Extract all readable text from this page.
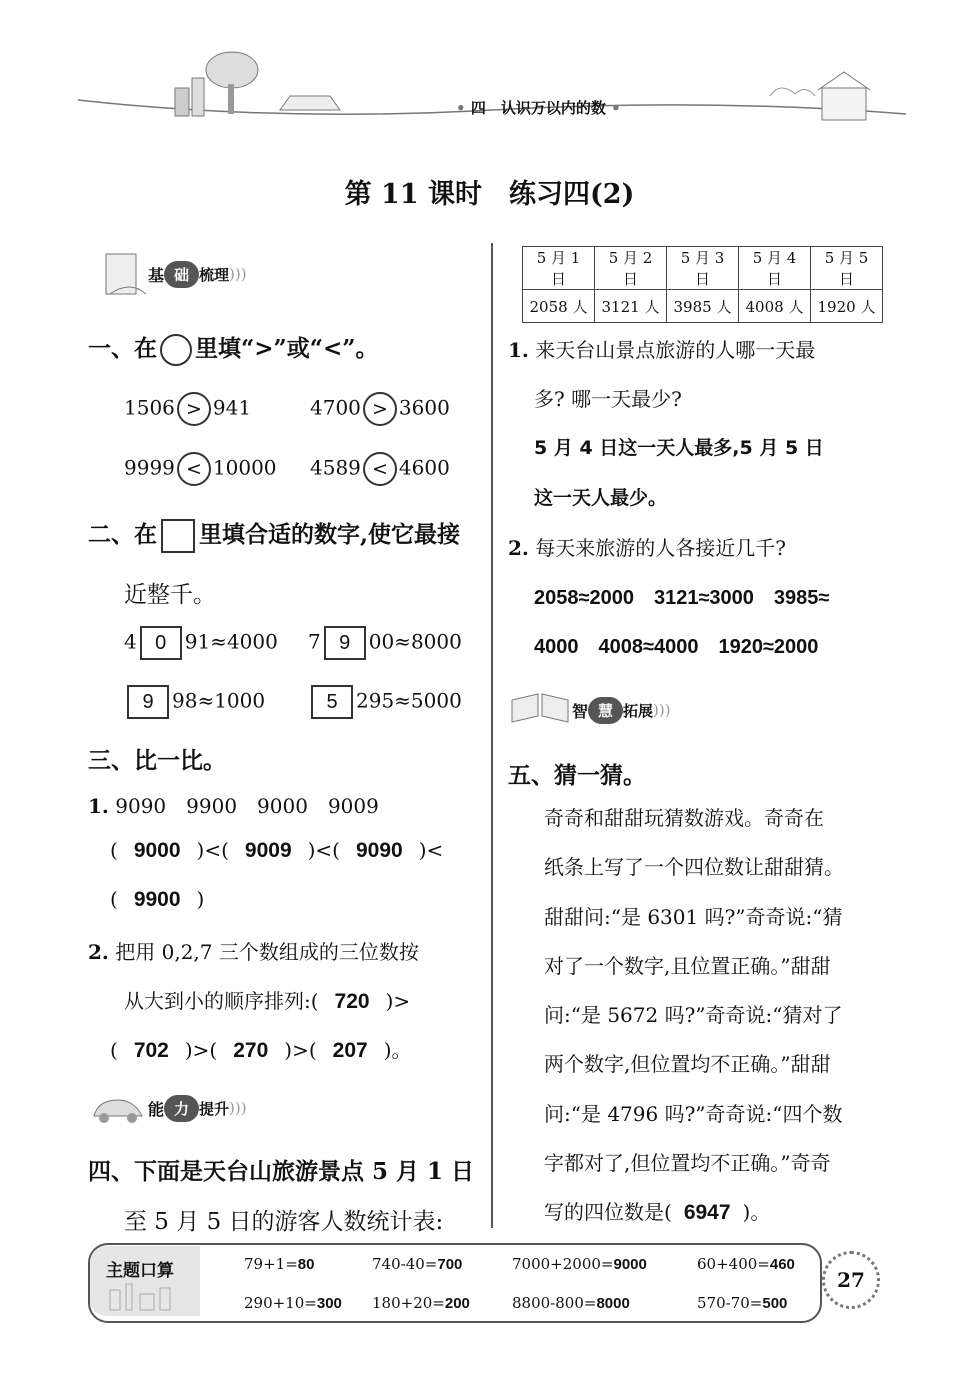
• 四　认识万以内的数 •
第 11 课时　练习四(2)
基 础 梳理 )))
一、在 里填“>”或“<”。
1506 > 941	4700 > 3600
9999 < 10000 4589 < 4600
二、在 里填合适的数字,使它最接
近整千。
4 0 91≈4000 7 9 00≈8000
9 98≈1000	5 295≈5000
三、比一比。
1. 9090　9900　9000　9009
( 9000 )<( 9009 )<( 9090 )<
( 9900 )
2. 把用 0,2,7 三个数组成的三位数按
从大到小的顺序排列:( 720 )>
( 702 )>( 270 )>( 207 )。
能 力 提升 )))
四、下面是天台山旅游景点 5 月 1 日
至 5 月 5 日的游客人数统计表:
5 月 1 日	5 月 2 日	5 月 3 日	5 月 4 日	5 月 5 日
2058 人	3121 人	3985 人	4008 人	1920 人
1. 来天台山景点旅游的人哪一天最
多? 哪一天最少?
5 月 4 日这一天人最多,5 月 5 日
这一天人最少。
2. 每天来旅游的人各接近几千?
2058≈2000　3121≈3000　3985≈
4000　4008≈4000　1920≈2000
智 慧 拓展 )))
五、猜一猜。
奇奇和甜甜玩猜数游戏。奇奇在
纸条上写了一个四位数让甜甜猜。
甜甜问:“是 6301 吗?”奇奇说:“猜
对了一个数字,且位置正确。”甜甜
问:“是 5672 吗?”奇奇说:“猜对了
两个数字,但位置均不正确。”甜甜
问:“是 4796 吗?”奇奇说:“四个数
字都对了,但位置均不正确。”奇奇
写的四位数是( 6947 )。
主题口算	79+1=80	740-40=700	7000+2000=9000	60+400=460
290+10=300 180+20=200	8800-800=8000	570-70=500
27
